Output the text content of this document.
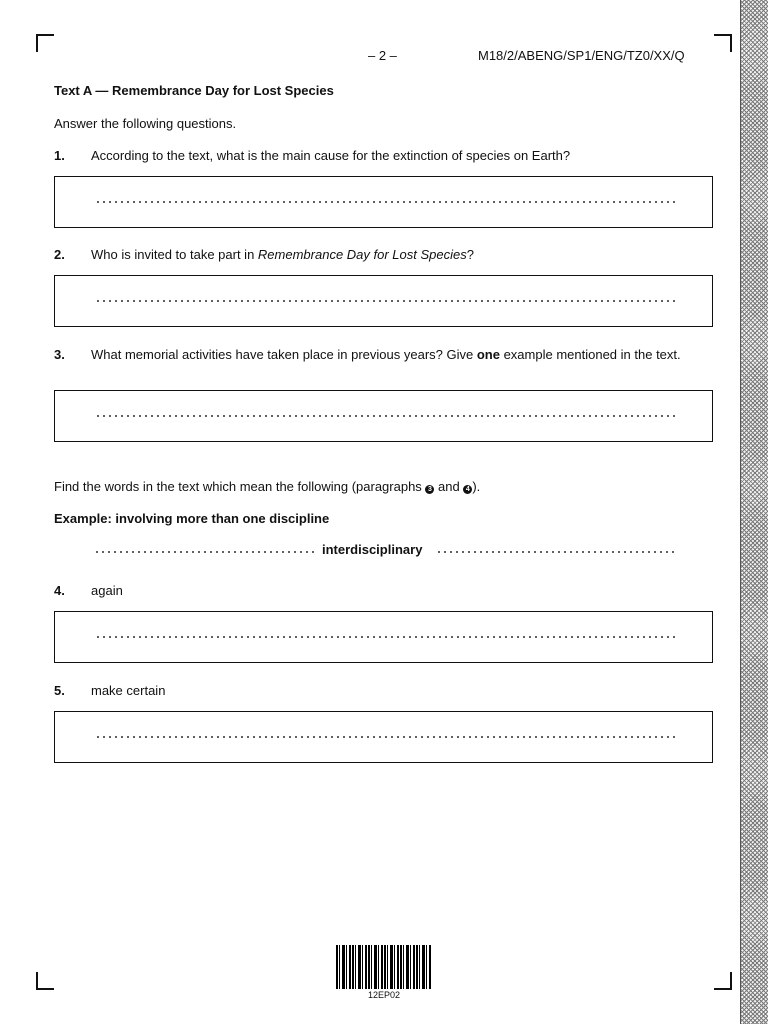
– 2 –	M18/2/ABENG/SP1/ENG/TZ0/XX/Q
Text A — Remembrance Day for Lost Species
Answer the following questions.
1. According to the text, what is the main cause for the extinction of species on Earth?
2. Who is invited to take part in Remembrance Day for Lost Species?
3. What memorial activities have taken place in previous years? Give one example mentioned in the text.
Find the words in the text which mean the following (paragraphs 3 and 4 ).
Example: involving more than one discipline
interdisciplinary
4. again
5. make certain
12EP02
